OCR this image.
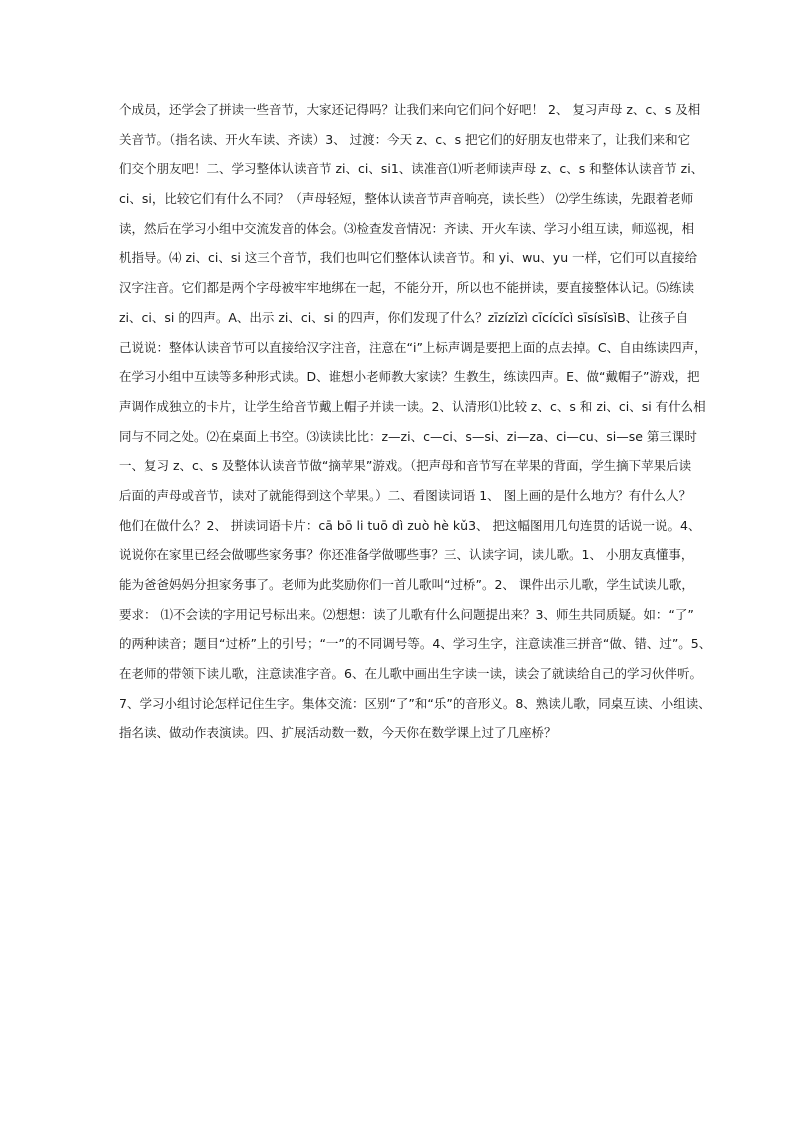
个成员，还学会了拼读一些音节，大家还记得吗？让我们来向它们问个好吧！ 2、 复习声母 z、c、s 及相
关音节。（指名读、开火车读、齐读）3、 过渡：今天 z、c、s 把它们的好朋友也带来了，让我们来和它
们交个朋友吧！二、学习整体认读音节 zi、ci、si1、读准音⑴听老师读声母 z、c、s 和整体认读音节 zi、
ci、si，比较它们有什么不同？（声母轻短，整体认读音节声音响亮，读长些） ⑵学生练读，先跟着老师
读，然后在学习小组中交流发音的体会。⑶检查发音情况：齐读、开火车读、学习小组互读，师巡视，相
机指导。⑷ zi、ci、si 这三个音节，我们也叫它们整体认读音节。和 yi、wu、yu 一样，它们可以直接给
汉字注音。它们都是两个字母被牢牢地绑在一起，不能分开，所以也不能拼读，要直接整体认记。⑸练读
zi、ci、si 的四声。A、出示 zi、ci、si 的四声，你们发现了什么？zīzízǐzì cīcícǐcì sīsísǐsìB、让孩子自
己说说：整体认读音节可以直接给汉字注音，注意在“i”上标声调是要把上面的点去掉。C、自由练读四声，
在学习小组中互读等多种形式读。D、谁想小老师教大家读？生教生，练读四声。E、做“戴帽子”游戏，把
声调作成独立的卡片，让学生给音节戴上帽子并读一读。2、认清形⑴比较 z、c、s 和 zi、ci、si 有什么相
同与不同之处。⑵在桌面上书空。⑶读读比比：z—zi、c—ci、s—si、zi—za、ci—cu、si—se 第三课时
一、复习 z、c、s 及整体认读音节做“摘苹果”游戏。（把声母和音节写在苹果的背面，学生摘下苹果后读
后面的声母或音节，读对了就能得到这个苹果。）二、看图读词语 1、 图上画的是什么地方？有什么人？
他们在做什么？2、 拼读词语卡片：cā bō li tuō dì zuò hè kǔ3、 把这幅图用几句连贯的话说一说。4、
说说你在家里已经会做哪些家务事？你还准备学做哪些事？三、认读字词，读儿歌。1、 小朋友真懂事，
能为爸爸妈妈分担家务事了。老师为此奖励你们一首儿歌叫“过桥”。2、 课件出示儿歌，学生试读儿歌，
要求： ⑴不会读的字用记号标出来。⑵想想：读了儿歌有什么问题提出来？3、师生共同质疑。如：“了”
的两种读音；题目“过桥”上的引号；“一”的不同调号等。4、学习生字，注意读准三拼音“做、错、过”。5、
在老师的带领下读儿歌，注意读准字音。6、在儿歌中画出生字读一读，读会了就读给自己的学习伙伴听。
7、学习小组讨论怎样记住生字。集体交流：区别“了”和“乐”的音形义。8、熟读儿歌，同桌互读、小组读、
指名读、做动作表演读。四、扩展活动数一数，今天你在数学课上过了几座桥？
